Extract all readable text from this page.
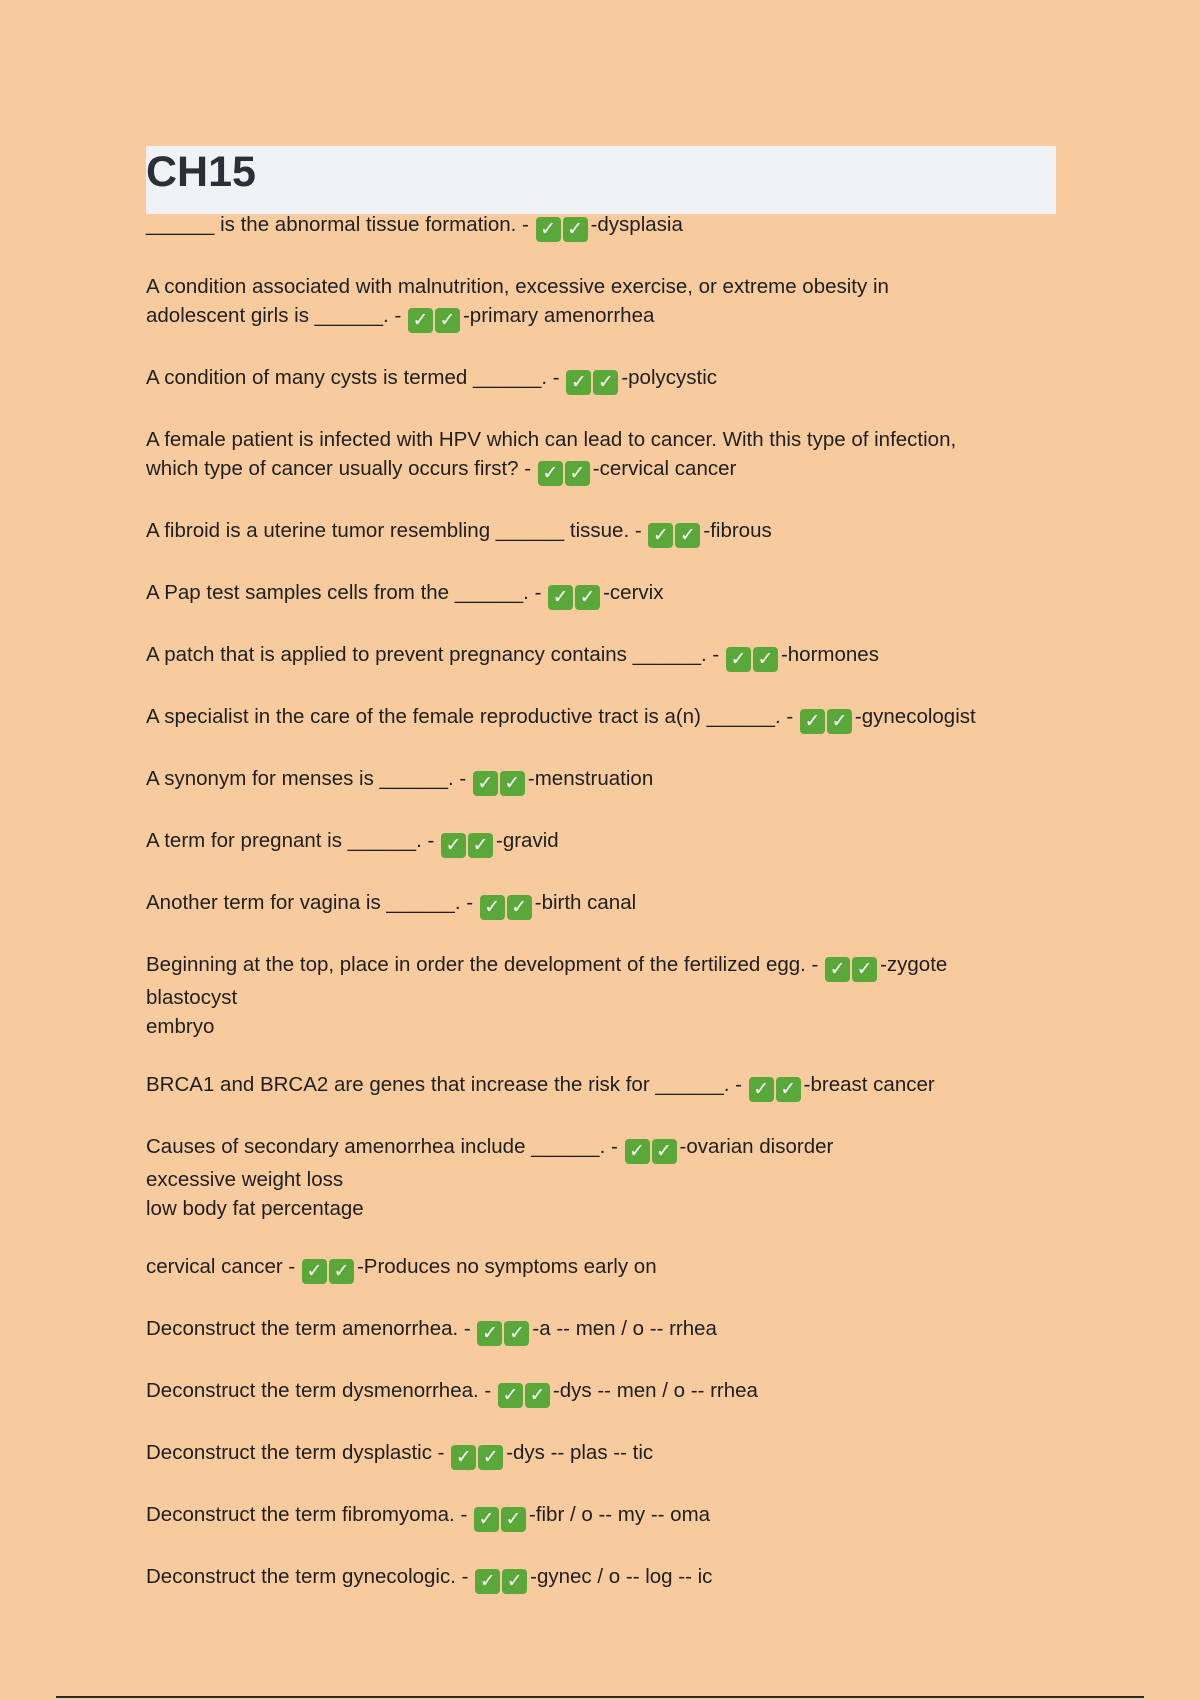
CH15
______ is the abnormal tissue formation. - ✓ ✓ -dysplasia
A condition associated with malnutrition, excessive exercise, or extreme obesity in
adolescent girls is ______. - ✓ ✓ -primary amenorrhea
A condition of many cysts is termed ______. - ✓ ✓ -polycystic
A female patient is infected with HPV which can lead to cancer. With this type of infection,
which type of cancer usually occurs first? - ✓ ✓ -cervical cancer
A fibroid is a uterine tumor resembling ______ tissue. - ✓ ✓ -fibrous
A Pap test samples cells from the ______. - ✓ ✓ -cervix
A patch that is applied to prevent pregnancy contains ______. - ✓ ✓ -hormones
A specialist in the care of the female reproductive tract is a(n) ______. - ✓ ✓ -gynecologist
A synonym for menses is ______. - ✓ ✓ -menstruation
A term for pregnant is ______. - ✓ ✓ -gravid
Another term for vagina is ______. - ✓ ✓ -birth canal
Beginning at the top, place in order the development of the fertilized egg. - ✓ ✓ -zygote
blastocyst
embryo
BRCA1 and BRCA2 are genes that increase the risk for ______. - ✓ ✓ -breast cancer
Causes of secondary amenorrhea include ______. - ✓ ✓ -ovarian disorder
excessive weight loss
low body fat percentage
cervical cancer - ✓ ✓ -Produces no symptoms early on
Deconstruct the term amenorrhea. - ✓ ✓ -a -- men / o -- rrhea
Deconstruct the term dysmenorrhea. - ✓ ✓ -dys -- men / o -- rrhea
Deconstruct the term dysplastic - ✓ ✓ -dys -- plas -- tic
Deconstruct the term fibromyoma. - ✓ ✓ -fibr / o -- my -- oma
Deconstruct the term gynecologic. - ✓ ✓ -gynec / o -- log -- ic
